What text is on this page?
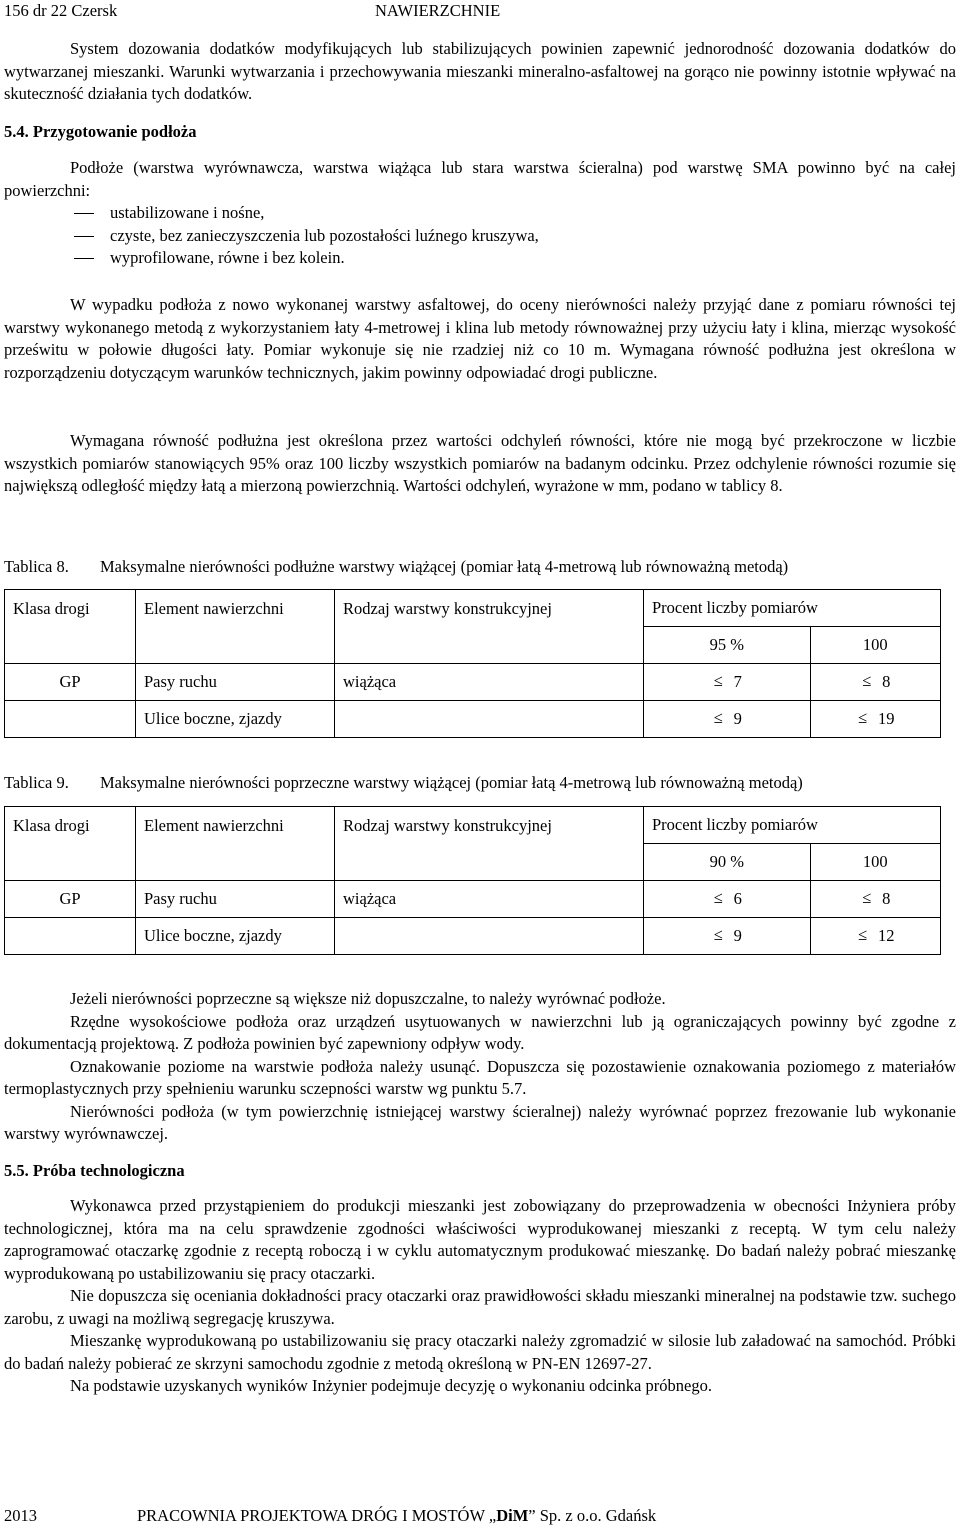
156 dr 22 Czersk	NAWIERZCHNIE

System dozowania dodatków modyfikujących lub stabilizujących powinien zapewnić jednorodność dozowania dodatków do wytwarzanej mieszanki. Warunki wytwarzania i przechowywania mieszanki mineralno-asfaltowej na gorąco nie powinny istotnie wpływać na skuteczność działania tych dodatków.

5.4. Przygotowanie podłoża

Podłoże (warstwa wyrównawcza, warstwa wiążąca lub stara warstwa ścieralna) pod warstwę SMA powinno być na całej powierzchni:

ustabilizowane i nośne,
czyste, bez zanieczyszczenia lub pozostałości luźnego kruszywa,
wyprofilowane, równe i bez kolein.

W wypadku podłoża z nowo wykonanej warstwy asfaltowej, do oceny nierówności należy przyjąć dane z pomiaru równości tej warstwy wykonanego metodą z wykorzystaniem łaty 4-metrowej i klina lub metody równoważnej przy użyciu łaty i klina, mierząc wysokość prześwitu w połowie długości łaty. Pomiar wykonuje się nie rzadziej niż co 10 m. Wymagana równość podłużna jest określona w rozporządzeniu dotyczącym warunków technicznych, jakim powinny odpowiadać drogi publiczne.

Wymagana równość podłużna jest określona przez wartości odchyleń równości, które nie mogą być przekroczone w liczbie wszystkich pomiarów stanowiących 95% oraz 100 liczby wszystkich pomiarów na badanym odcinku. Przez odchylenie równości rozumie się największą odległość między łatą a mierzoną powierzchnią. Wartości odchyleń, wyrażone w mm, podano w tablicy 8.

Tablica 8. Maksymalne nierówności podłużne warstwy wiążącej (pomiar łatą 4-metrową lub równoważną metodą)
Klasa drogi	Element nawierzchni	Rodzaj warstwy konstrukcyjnej	Procent liczby pomiarów	
			95 %	100
GP	Pasy ruchu	wiążąca	≤ 7	≤ 8
	Ulice boczne, zjazdy		≤ 9	≤ 19
Tablica 9. Maksymalne nierówności poprzeczne warstwy wiążącej (pomiar łatą 4-metrową lub równoważną metodą)
Klasa drogi	Element nawierzchni	Rodzaj warstwy konstrukcyjnej	Procent liczby pomiarów	
			90 %	100
GP	Pasy ruchu	wiążąca	≤ 6	≤ 8
	Ulice boczne, zjazdy		≤ 9	≤ 12

Jeżeli nierówności poprzeczne są większe niż dopuszczalne, to należy wyrównać podłoże.

Rzędne wysokościowe podłoża oraz urządzeń usytuowanych w nawierzchni lub ją ograniczających powinny być zgodne z dokumentacją projektową. Z podłoża powinien być zapewniony odpływ wody.

Oznakowanie poziome na warstwie podłoża należy usunąć. Dopuszcza się pozostawienie oznakowania poziomego z materiałów termoplastycznych przy spełnieniu warunku sczepności warstw wg punktu 5.7.

Nierówności podłoża (w tym powierzchnię istniejącej warstwy ścieralnej) należy wyrównać poprzez frezowanie lub wykonanie warstwy wyrównawczej.

5.5. Próba technologiczna

Wykonawca przed przystąpieniem do produkcji mieszanki jest zobowiązany do przeprowadzenia w obecności Inżyniera próby technologicznej, która ma na celu sprawdzenie zgodności właściwości wyprodukowanej mieszanki z receptą. W tym celu należy zaprogramować otaczarkę zgodnie z receptą roboczą i w cyklu automatycznym produkować mieszankę. Do badań należy pobrać mieszankę wyprodukowaną po ustabilizowaniu się pracy otaczarki.

Nie dopuszcza się oceniania dokładności pracy otaczarki oraz prawidłowości składu mieszanki mineralnej na podstawie tzw. suchego zarobu, z uwagi na możliwą segregację kruszywa.

Mieszankę wyprodukowaną po ustabilizowaniu się pracy otaczarki należy zgromadzić w silosie lub załadować na samochód. Próbki do badań należy pobierać ze skrzyni samochodu zgodnie z metodą określoną w PN-EN 12697-27.

Na podstawie uzyskanych wyników Inżynier podejmuje decyzję o wykonaniu odcinka próbnego.

2013	PRACOWNIA PROJEKTOWA DRÓG I MOSTÓW „DiM” Sp. z o.o. Gdańsk
